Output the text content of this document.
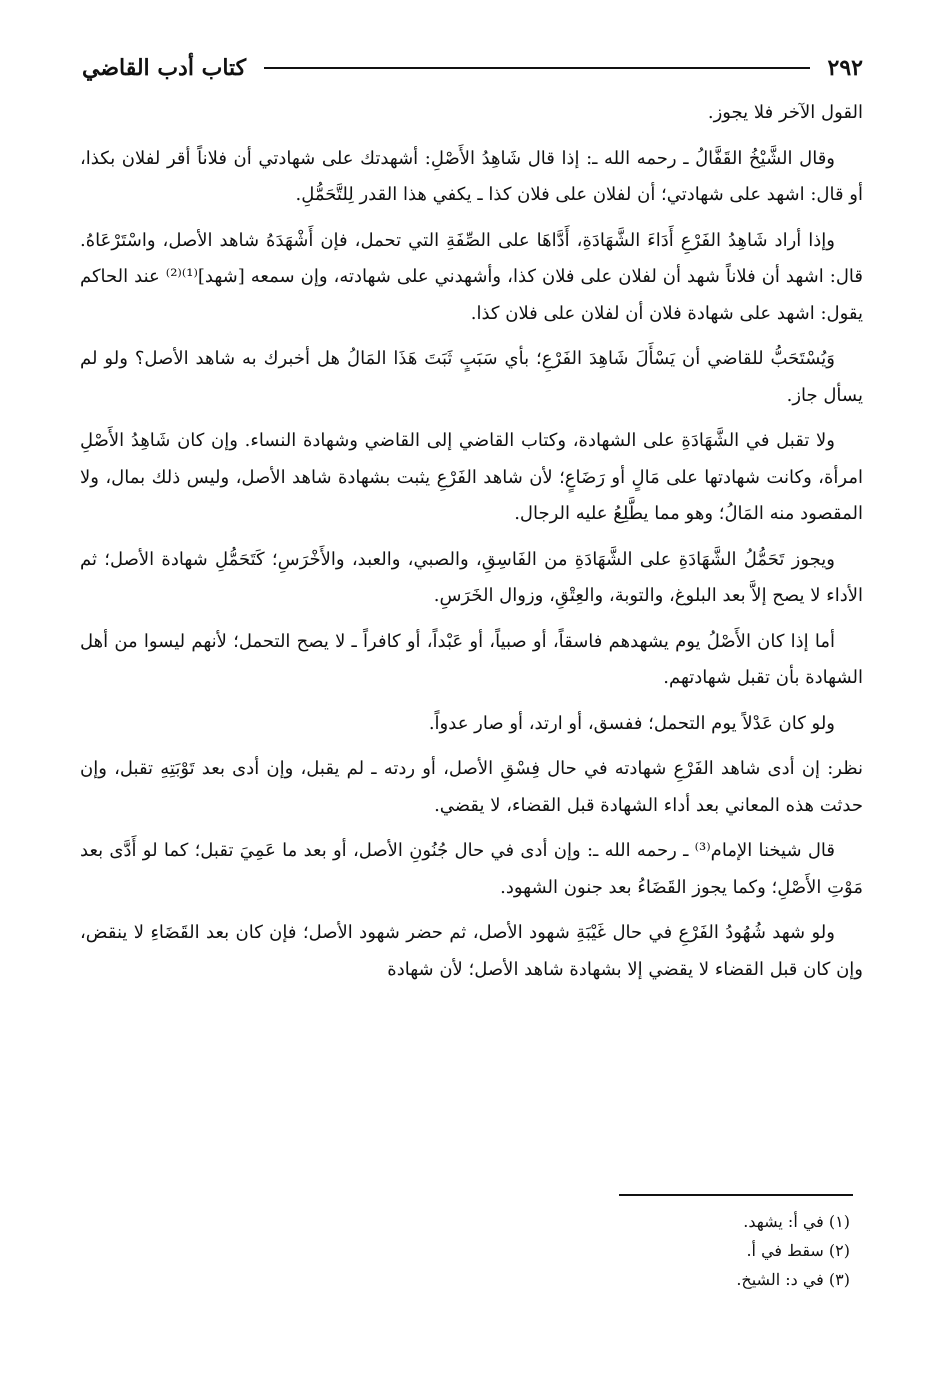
٢٩٢
كتاب أدب القاضي

القول الآخر فلا يجوز.

وقال الشَّيْخُ القَفَّالُ ـ رحمه الله ـ: إذا قال شَاهِدُ الأَصْلِ: أشهدتك على شهادتي أن فلاناً أقر لفلان بكذا، أو قال: اشهد على شهادتي؛ أن لفلان على فلان كذا ـ يكفي هذا القدر لِلتَّحَمُّلِ.

وإذا أراد شَاهِدُ الفَرْعِ أَدَاءَ الشَّهَادَةِ، أَدَّاهَا على الصِّفَةِ التي تحمل، فإن أَشْهَدَهُ شاهد الأصل، واسْتَرْعَاهُ. قال: اشهد أن فلاناً شهد أن لفلان على فلان كذا، وأشهدني على شهادته، وإن سمعه [شهد]⁽¹⁾⁽²⁾ عند الحاكم يقول: اشهد على شهادة فلان أن لفلان على فلان كذا.

وَيُسْتَحَبُّ للقاضي أن يَسْأَلَ شَاهِدَ الفَرْعِ؛ بأي سَبَبٍ ثَبَتَ هَذَا المَالُ هل أخبرك به شاهد الأصل؟ ولو لم يسأل جاز.

ولا تقبل في الشَّهَادَةِ على الشهادة، وكتاب القاضي إلى القاضي وشهادة النساء. وإن كان شَاهِدُ الأَصْلِ امرأة، وكانت شهادتها على مَالٍ أو رَضَاعٍ؛ لأن شاهد الفَرْعِ يثبت بشهادة شاهد الأصل، وليس ذلك بمال، ولا المقصود منه المَالُ؛ وهو مما يطَّلِعُ عليه الرجال.

ويجوز تَحَمُّلُ الشَّهَادَةِ على الشَّهَادَةِ من الفَاسِقِ، والصبي، والعبد، والأَخْرَسِ؛ كَتَحَمُّلِ شهادة الأصل؛ ثم الأداء لا يصح إلاَّ بعد البلوغ، والتوبة، والعِتْقِ، وزوال الخَرَسِ.

أما إذا كان الأَصْلُ يوم يشهدهم فاسقاً، أو صبياً، أو عَبْداً، أو كافراً ـ لا يصح التحمل؛ لأنهم ليسوا من أهل الشهادة بأن تقبل شهادتهم.

ولو كان عَدْلاً يوم التحمل؛ ففسق، أو ارتد، أو صار عدواً.

نظر: إن أدى شاهد الفَرْعِ شهادته في حال فِسْقِ الأصل، أو ردته ـ لم يقبل، وإن أدى بعد تَوْبَتِهِ تقبل، وإن حدثت هذه المعاني بعد أداء الشهادة قبل القضاء، لا يقضي.

قال شيخنا الإمام⁽³⁾ ـ رحمه الله ـ: وإن أدى في حال جُنُونِ الأصل، أو بعد ما عَمِيَ تقبل؛ كما لو أَدَّى بعد مَوْتِ الأَصْلِ؛ وكما يجوز القَضَاءُ بعد جنون الشهود.

ولو شهد شُهُودُ الفَرْعِ في حال غَيْبَةِ شهود الأصل، ثم حضر شهود الأصل؛ فإن كان بعد القَضَاءِ لا ينقض، وإن كان قبل القضاء لا يقضي إلا بشهادة شاهد الأصل؛ لأن شهادة

(١) في أ: يشهد.
(٢) سقط في أ.
(٣) في د: الشيخ.
